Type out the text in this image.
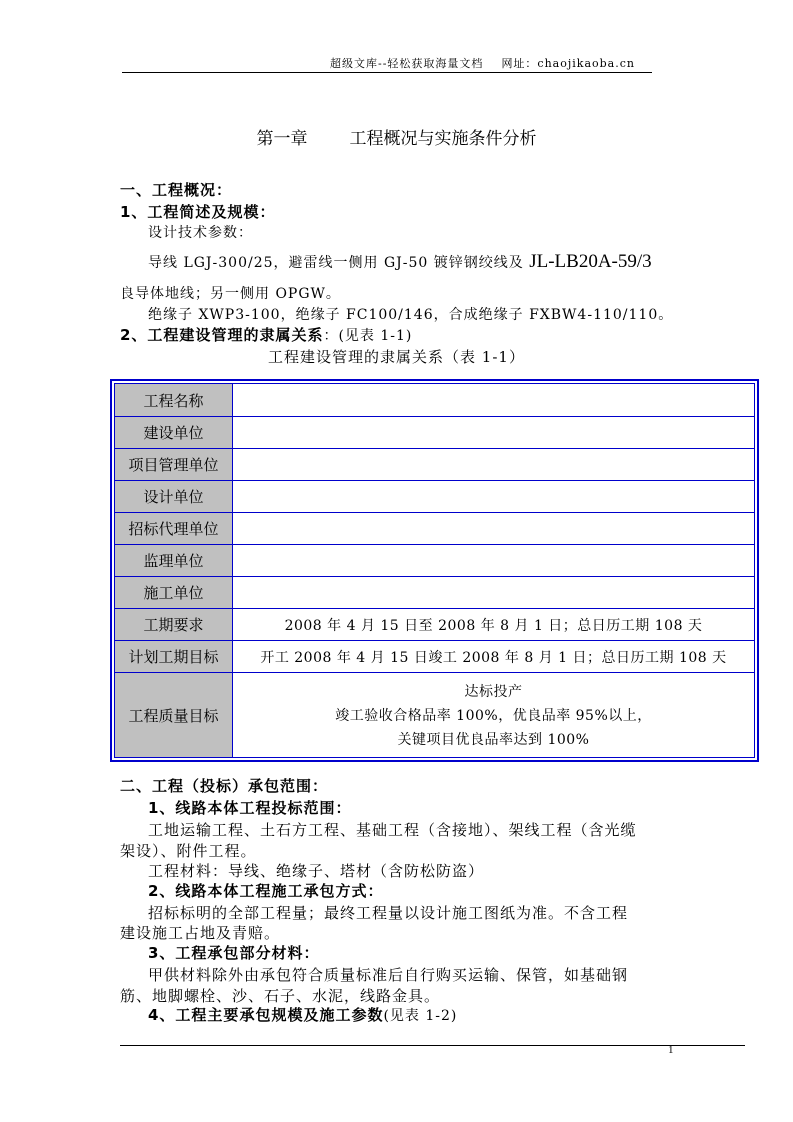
超级文库--轻松获取海量文档 网址：chaojikaoba.cn
第一章 工程概况与实施条件分析
一、工程概况：
1、工程简述及规模：
设计技术参数：
导线 LGJ-300/25，避雷线一侧用 GJ-50 镀锌钢绞线及 JL-LB20A-59/3
良导体地线；另一侧用 OPGW。
绝缘子 XWP3-100，绝缘子 FC100/146，合成绝缘子 FXBW4-110/110。
2、工程建设管理的隶属关系：(见表 1-1)
工程建设管理的隶属关系（表 1-1）
工程名称
建设单位
项目管理单位
设计单位
招标代理单位
监理单位
施工单位
工期要求	2008 年 4 月 15 日至 2008 年 8 月 1 日；总日历工期 108 天
计划工期目标	开工 2008 年 4 月 15 日竣工 2008 年 8 月 1 日；总日历工期 108 天
工程质量目标
达标投产
竣工验收合格品率 100%，优良品率 95%以上，
关键项目优良品率达到 100%
二、工程（投标）承包范围：
1、线路本体工程投标范围：
工地运输工程、土石方工程、基础工程（含接地）、架线工程（含光缆
架设）、附件工程。
工程材料：导线、绝缘子、塔材（含防松防盗）
2、线路本体工程施工承包方式：
招标标明的全部工程量；最终工程量以设计施工图纸为准。不含工程
建设施工占地及青赔。
3、工程承包部分材料：
甲供材料除外由承包符合质量标准后自行购买运输、保管，如基础钢
筋、地脚螺栓、沙、石子、水泥，线路金具。
4、工程主要承包规模及施工参数(见表 1-2)
1
